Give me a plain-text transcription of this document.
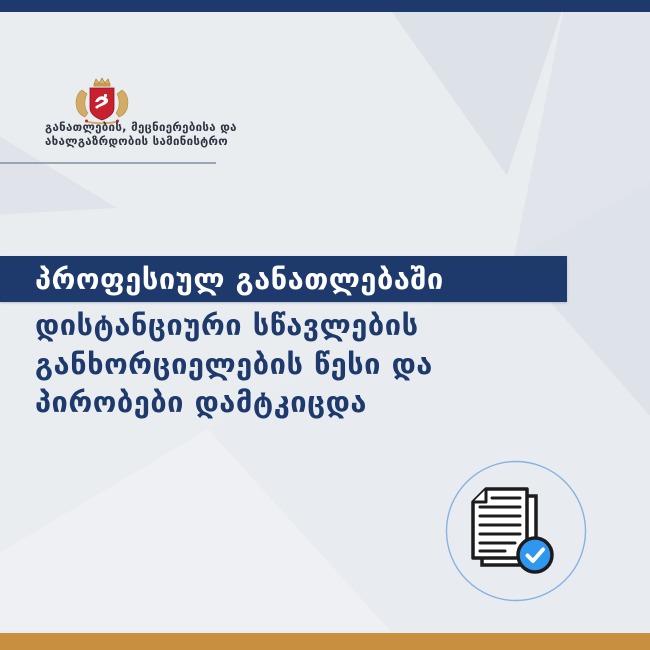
განათლების, მეცნიერებისა და
ახალგაზრდობის სამინისტრო
პროფესიულ განათლებაში
დისტანციური სწავლების
განხორციელების წესი და
პირობები დამტკიცდა
